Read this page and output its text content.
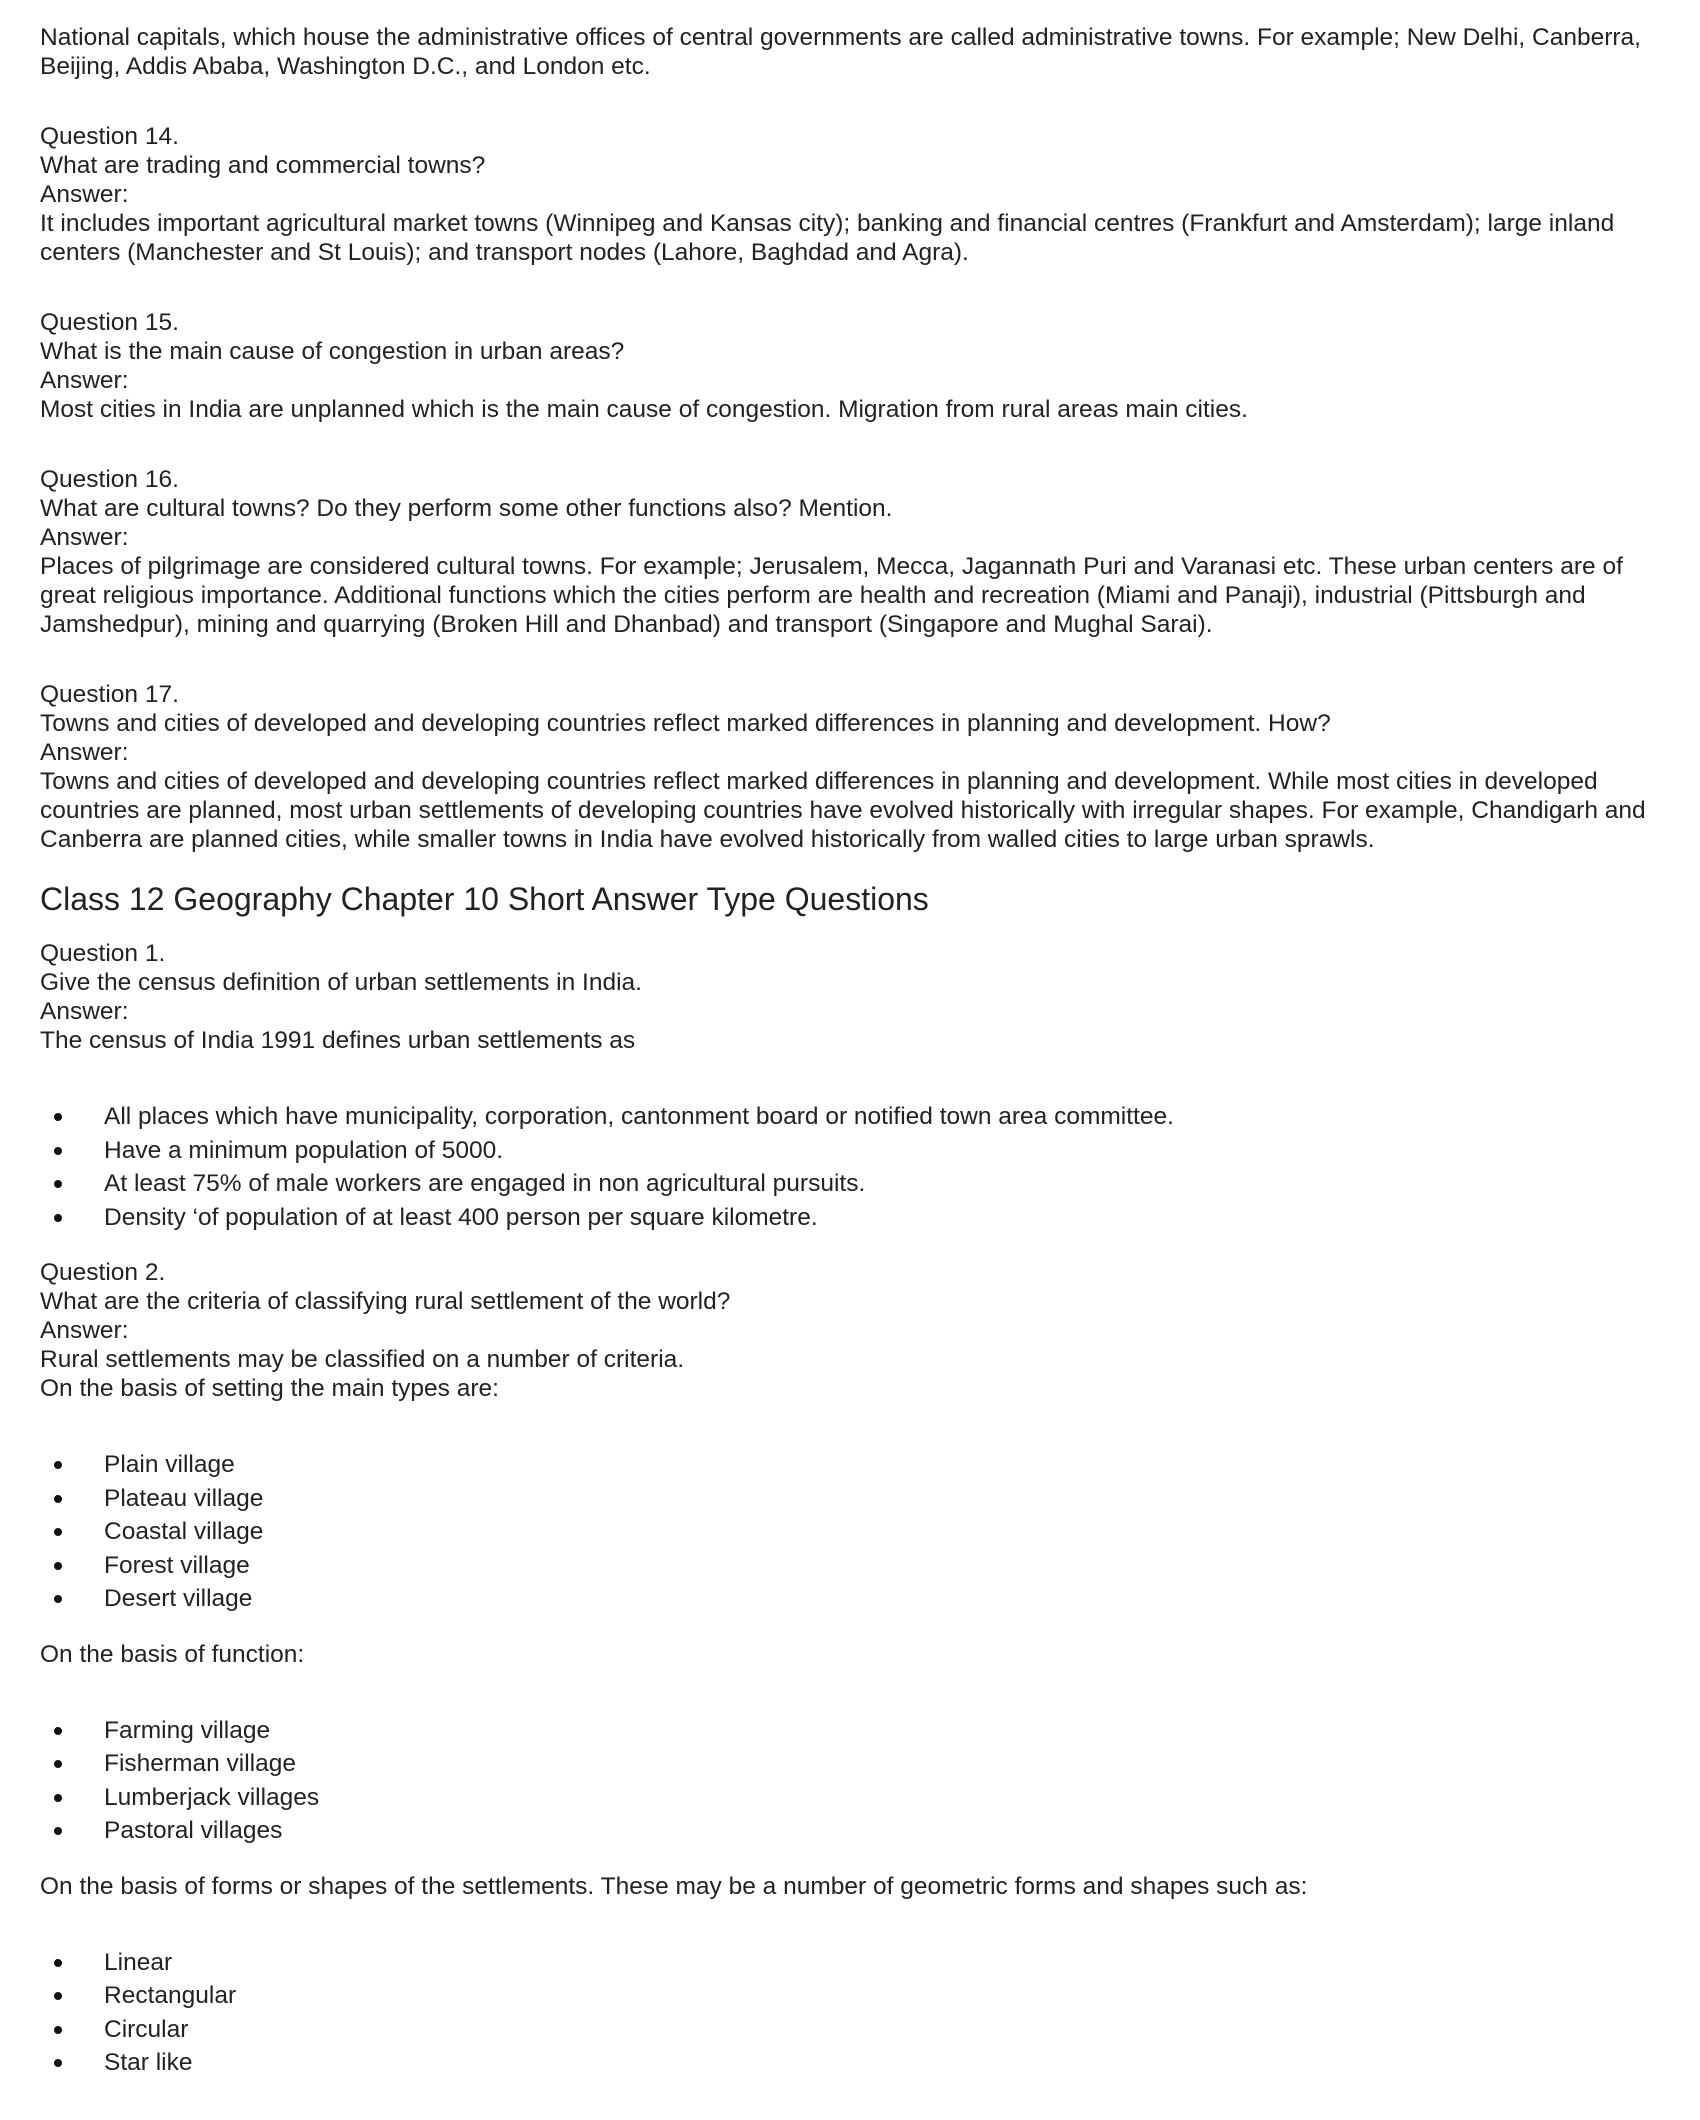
National capitals, which house the administrative offices of central governments are called administrative towns. For example; New Delhi, Canberra, Beijing, Addis Ababa, Washington D.C., and London etc.

Question 14.

What are trading and commercial towns?

Answer:

It includes important agricultural market towns (Winnipeg and Kansas city); banking and financial centres (Frankfurt and Amsterdam); large inland centers (Manchester and St Louis); and transport nodes (Lahore, Baghdad and Agra).

Question 15.

What is the main cause of congestion in urban areas?

Answer:

Most cities in India are unplanned which is the main cause of congestion. Migration from rural areas main cities.

Question 16.

What are cultural towns? Do they perform some other functions also? Mention.

Answer:

Places of pilgrimage are considered cultural towns. For example; Jerusalem, Mecca, Jagannath Puri and Varanasi etc. These urban centers are of great religious importance. Additional functions which the cities perform are health and recreation (Miami and Panaji), industrial (Pittsburgh and Jamshedpur), mining and quarrying (Broken Hill and Dhanbad) and transport (Singapore and Mughal Sarai).

Question 17.

Towns and cities of developed and developing countries reflect marked differences in planning and development. How?

Answer:

Towns and cities of developed and developing countries reflect marked differences in planning and development. While most cities in developed countries are planned, most urban settlements of developing countries have evolved historically with irregular shapes. For example, Chandigarh and Canberra are planned cities, while smaller towns in India have evolved historically from walled cities to large urban sprawls.

Class 12 Geography Chapter 10 Short Answer Type Questions

Question 1.

Give the census definition of urban settlements in India.

Answer:

The census of India 1991 defines urban settlements as

All places which have municipality, corporation, cantonment board or notified town area committee.
Have a minimum population of 5000.
At least 75% of male workers are engaged in non agricultural pursuits.
Density ‘of population of at least 400 person per square kilometre.

Question 2.

What are the criteria of classifying rural settlement of the world?

Answer:

Rural settlements may be classified on a number of criteria.

On the basis of setting the main types are:

Plain village
Plateau village
Coastal village
Forest village
Desert village

On the basis of function:

Farming village
Fisherman village
Lumberjack villages
Pastoral villages

On the basis of forms or shapes of the settlements. These may be a number of geometric forms and shapes such as:

Linear
Rectangular
Circular
Star like
